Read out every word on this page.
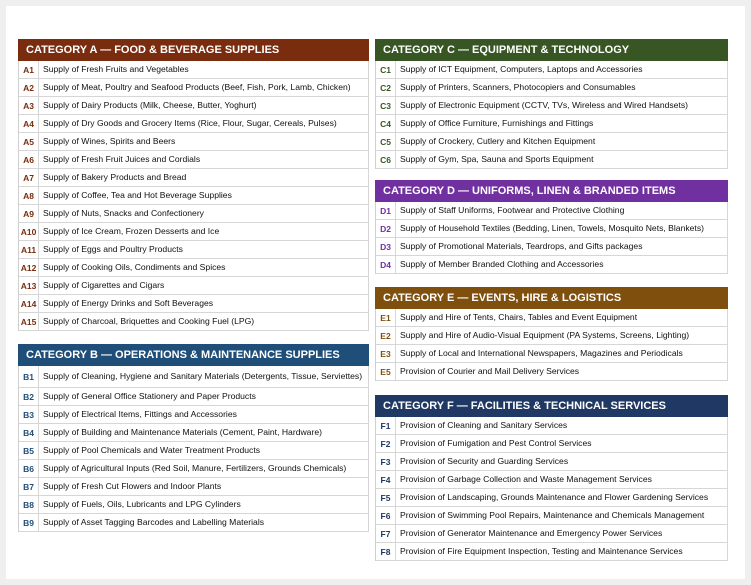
CATEGORY A — FOOD & BEVERAGE SUPPLIES
A1	Supply of Fresh Fruits and Vegetables
A2	Supply of Meat, Poultry and Seafood Products (Beef, Fish, Pork, Lamb, Chicken)
A3	Supply of Dairy Products (Milk, Cheese, Butter, Yoghurt)
A4	Supply of Dry Goods and Grocery Items (Rice, Flour, Sugar, Cereals, Pulses)
A5	Supply of Wines, Spirits and Beers
A6	Supply of Fresh Fruit Juices and Cordials
A7	Supply of Bakery Products and Bread
A8	Supply of Coffee, Tea and Hot Beverage Supplies
A9	Supply of Nuts, Snacks and Confectionery
A10 Supply of Ice Cream, Frozen Desserts and Ice
A11 Supply of Eggs and Poultry Products
A12 Supply of Cooking Oils, Condiments and Spices
A13 Supply of Cigarettes and Cigars
A14 Supply of Energy Drinks and Soft Beverages
A15 Supply of Charcoal, Briquettes and Cooking Fuel (LPG)
CATEGORY B — OPERATIONS & MAINTENANCE SUPPLIES
B1	Supply of Cleaning, Hygiene and Sanitary Materials (Detergents, Tissue, Serviettes)
B2	Supply of General Office Stationery and Paper Products
B3	Supply of Electrical Items, Fittings and Accessories
B4	Supply of Building and Maintenance Materials (Cement, Paint, Hardware)
B5	Supply of Pool Chemicals and Water Treatment Products
B6	Supply of Agricultural Inputs (Red Soil, Manure, Fertilizers, Grounds Chemicals)
B7	Supply of Fresh Cut Flowers and Indoor Plants
B8	Supply of Fuels, Oils, Lubricants and LPG Cylinders
B9	Supply of Asset Tagging Barcodes and Labelling Materials
CATEGORY C — EQUIPMENT & TECHNOLOGY
C1	Supply of ICT Equipment, Computers, Laptops and Accessories
C2	Supply of Printers, Scanners, Photocopiers and Consumables
C3	Supply of Electronic Equipment (CCTV, TVs, Wireless and Wired Handsets)
C4	Supply of Office Furniture, Furnishings and Fittings
C5	Supply of Crockery, Cutlery and Kitchen Equipment
C6	Supply of Gym, Spa, Sauna and Sports Equipment
CATEGORY D — UNIFORMS, LINEN & BRANDED ITEMS
D1	Supply of Staff Uniforms, Footwear and Protective Clothing
D2	Supply of Household Textiles (Bedding, Linen, Towels, Mosquito Nets, Blankets)
D3	Supply of Promotional Materials, Teardrops, and Gifts packages
D4	Supply of Member Branded Clothing and Accessories
CATEGORY E — EVENTS, HIRE & LOGISTICS
E1	Supply and Hire of Tents, Chairs, Tables and Event Equipment
E2	Supply and Hire of Audio-Visual Equipment (PA Systems, Screens, Lighting)
E3	Supply of Local and International Newspapers, Magazines and Periodicals
E5	Provision of Courier and Mail Delivery Services
CATEGORY F — FACILITIES & TECHNICAL SERVICES
F1	Provision of Cleaning and Sanitary Services
F2	Provision of Fumigation and Pest Control Services
F3	Provision of Security and Guarding Services
F4	Provision of Garbage Collection and Waste Management Services
F5	Provision of Landscaping, Grounds Maintenance and Flower Gardening Services
F6	Provision of Swimming Pool Repairs, Maintenance and Chemicals Management
F7	Provision of Generator Maintenance and Emergency Power Services
F8	Provision of Fire Equipment Inspection, Testing and Maintenance Services
